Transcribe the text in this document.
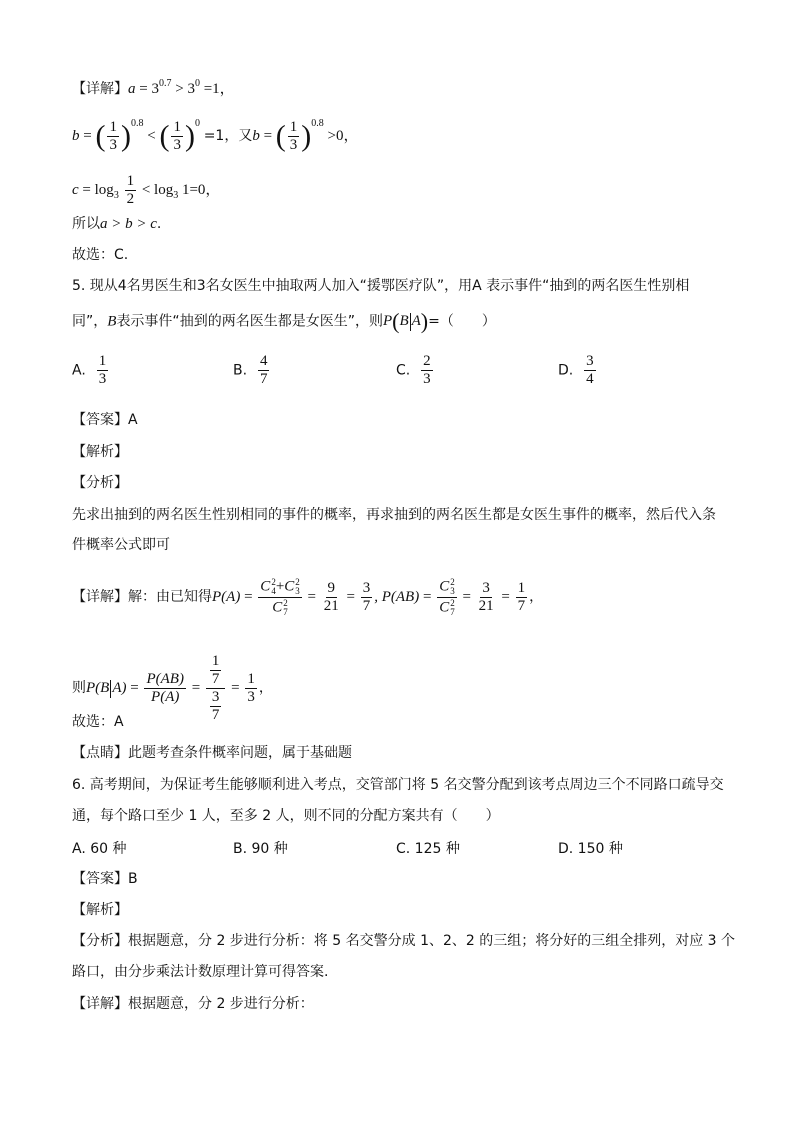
【详解】$a = 3^{0.7} > 3^0 =1$，
b = ( $\frac{1}{3} )^{0.8}$ < ( $\frac{1}{3} )^0 =1$，又b = ( $\frac{1}{3} )^{0.8} >0$，
$c = \log_3 \frac{1}{2} < \log_3 1=0$，
所以a > b > c.
故选：C.
5. 现从4名男医生和3名女医生中抽取两人加入“援鄂医疗队”，用A 表示事件“抽到的两名医生性别相
同”，B表示事件“抽到的两名医生都是女医生”，则P(B A)=（　　）
A. $\frac{1}{3}$	B. $\frac{4}{7}$	C. $\frac{2}{3}$	D. $\frac{3}{4}$
【答案】A
【解析】
【分析】
先求出抽到的两名医生性别相同的事件的概率，再求抽到的两名医生都是女医生事件的概率，然后代入条
件概率公式即可
【详解】解：由已知得P(A) = C 2
4 +C 2
3
C 2
$7 = \frac{9}{21} = \frac{3}{7}$ , P(AB) = C 2
3
C 2
$7 = \frac{3}{21} = \frac{1}{7}$ ，
则P(B $A) = \frac{P(AB)}{P(A)} = \frac{\frac{1}{7}}{\frac{3}{7}} = \frac{1}{3}$ ，
故选：A
【点睛】此题考查条件概率问题，属于基础题
6. 高考期间，为保证考生能够顺利进入考点，交管部门将 5 名交警分配到该考点周边三个不同路口疏导交
通，每个路口至少 1 人，至多 2 人，则不同的分配方案共有（　　）
A. 60 种	B. 90 种	C. 125 种	D. 150 种
【答案】B
【解析】
【分析】根据题意，分 2 步进行分析：将 5 名交警分成 1、2、2 的三组；将分好的三组全排列，对应 3 个
路口，由分步乘法计数原理计算可得答案.
【详解】根据题意，分 2 步进行分析：
